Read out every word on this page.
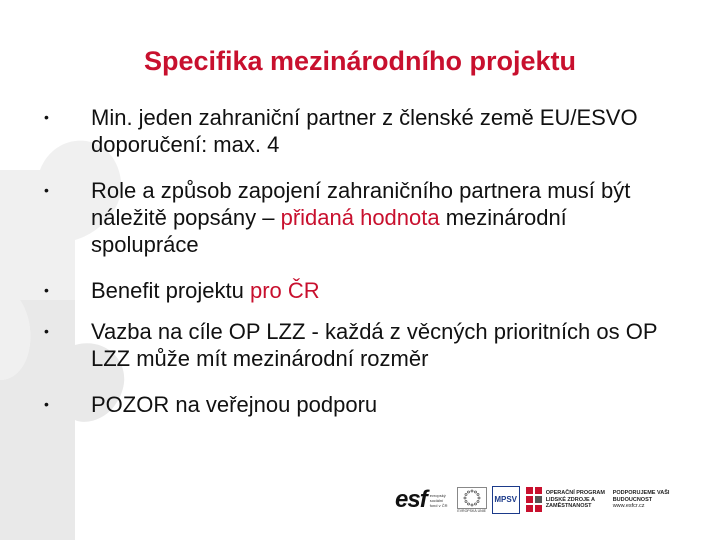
Specifika mezinárodního projektu
• Min. jeden zahraniční partner z členské země EU/ESVO doporučení: max. 4
• Role a způsob zapojení zahraničního partnera musí být náležitě popsány – přidaná hodnota mezinárodní spolupráce
• Benefit projektu pro ČR
• Vazba na cíle OP LZZ - každá z věcných prioritních os OP LZZ může mít mezinárodní rozměr
• POZOR na veřejnou podporu
esf evropský sociální fond v ČR
EVROPSKÁ UNIE
MPSV
OPERAČNÍ PROGRAM LIDSKÉ ZDROJE A ZAMĚSTNANOST
PODPORUJEME VAŠI BUDOUCNOST
www.esfcr.cz
